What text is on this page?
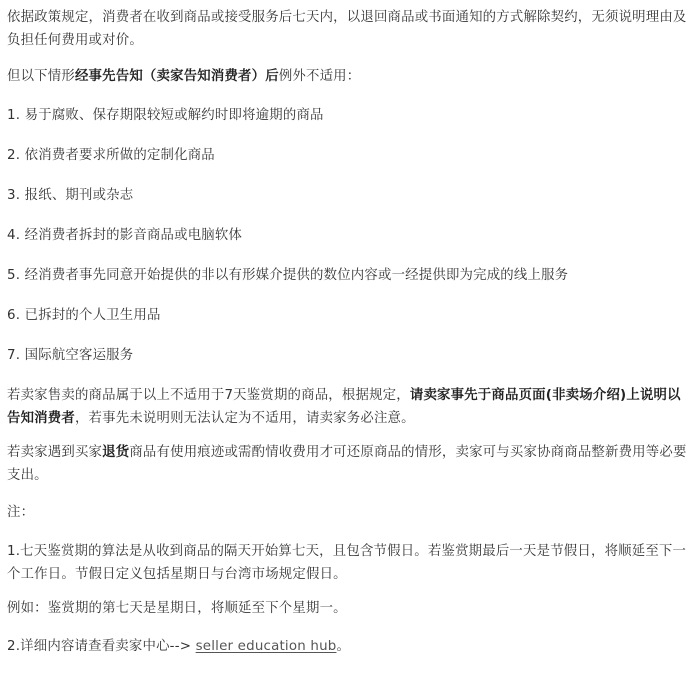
依据政策规定，消费者在收到商品或接受服务后七天内，以退回商品或书面通知的方式解除契约，无须说明理由及负担任何费用或对价。

但以下情形经事先告知（卖家告知消费者）后例外不适用：

1. 易于腐败、保存期限较短或解约时即将逾期的商品

2. 依消费者要求所做的定制化商品

3. 报纸、期刊或杂志

4. 经消费者拆封的影音商品或电脑软体

5. 经消费者事先同意开始提供的非以有形媒介提供的数位内容或一经提供即为完成的线上服务

6. 已拆封的个人卫生用品

7. 国际航空客运服务

若卖家售卖的商品属于以上不适用于7天鉴赏期的商品，根据规定，请卖家事先于商品页面(非卖场介绍)上说明以告知消费者，若事先未说明则无法认定为不适用，请卖家务必注意。

若卖家遇到买家退货商品有使用痕迹或需酌情收费用才可还原商品的情形，卖家可与买家协商商品整新费用等必要支出。

注：

1.七天鉴赏期的算法是从收到商品的隔天开始算七天，且包含节假日。若鉴赏期最后一天是节假日，将顺延至下一个工作日。节假日定义包括星期日与台湾市场规定假日。

例如：鉴赏期的第七天是星期日，将顺延至下个星期一。

2.详细内容请查看卖家中心--> seller education hub。
